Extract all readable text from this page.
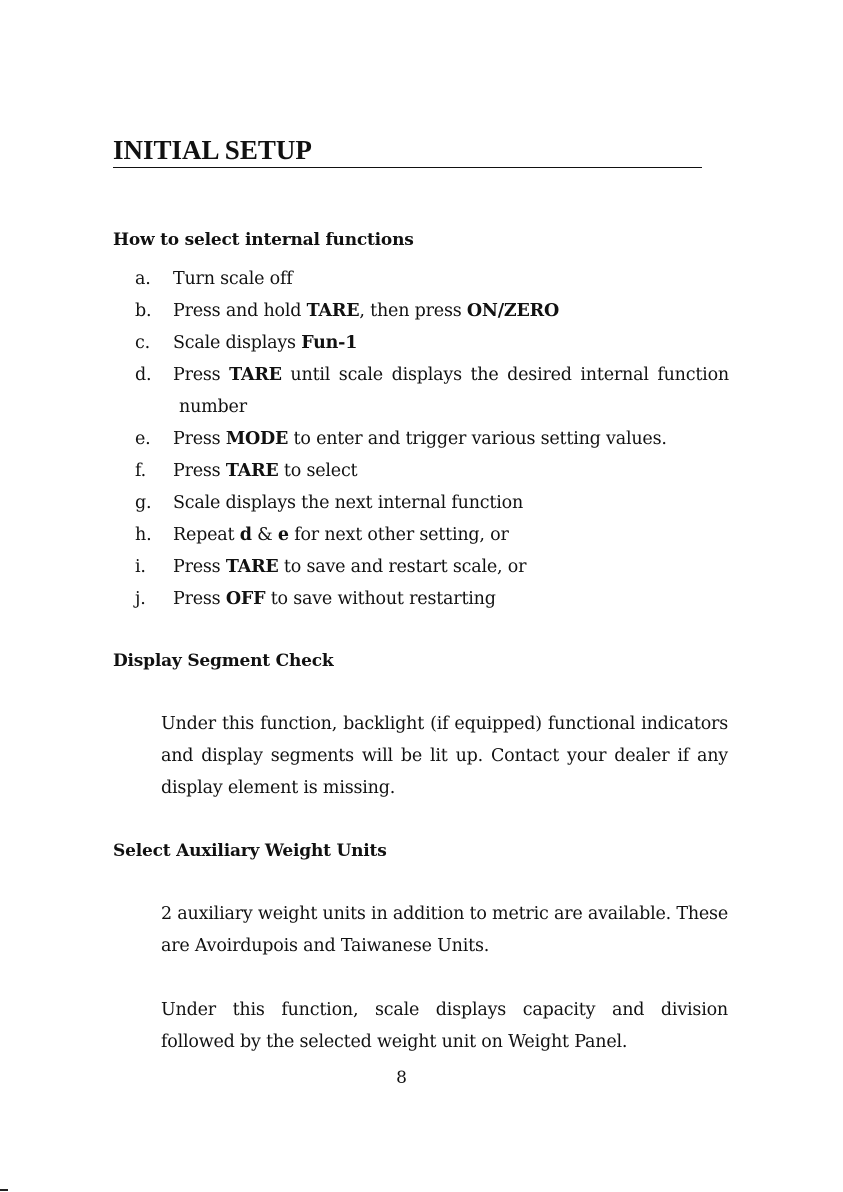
INITIAL SETUP
How to select internal functions
a. Turn scale off
b. Press and hold TARE, then press ON/ZERO
c. Scale displays Fun-1
d. Press TARE until scale displays the desired internal function
number
e. Press MODE to enter and trigger various setting values.
f. Press TARE to select
g. Scale displays the next internal function
h. Repeat d & e for next other setting, or
i. Press TARE to save and restart scale, or
j. Press OFF to save without restarting
Display Segment Check

Under this function, backlight (if equipped) functional indicators and display segments will be lit up. Contact your dealer if any display element is missing.

Select Auxiliary Weight Units

2 auxiliary weight units in addition to metric are available. These are Avoirdupois and Taiwanese Units.

Under this function, scale displays capacity and division followed by the selected weight unit on Weight Panel.

8
